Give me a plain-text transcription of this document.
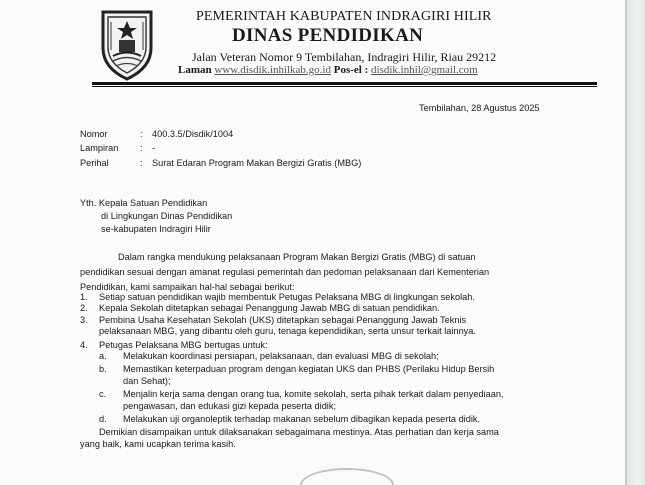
PEMERINTAH KABUPATEN INDRAGIRI HILIR
DINAS PENDIDIKAN
Jalan Veteran Nomor 9 Tembilahan, Indragiri Hilir, Riau 29212
Laman www.disdik.inhilkab.go.id Pos-el : disdik.inhil@gmail.com
Tembilahan, 28 Agustus 2025
Nomor	: 400.3.5/Disdik/1004
Lampiran	: -
Perihal	: Surat Edaran Program Makan Bergizi Gratis (MBG)
Yth. Kepala Satuan Pendidikan
di Lingkungan Dinas Pendidikan
se-kabupaten Indragiri Hilir
Dalam rangka mendukung pelaksanaan Program Makan Bergizi Gratis (MBG) di satuan
pendidikan sesuai dengan amanat regulasi pemerintah dan pedoman pelaksanaan dari Kementerian
Pendidikan, kami sampaikan hal-hal sebagai berikut:
1. Setiap satuan pendidikan wajib membentuk Petugas Pelaksana MBG di lingkungan sekolah.
2. Kepala Sekolah ditetapkan sebagai Penanggung Jawab MBG di satuan pendidikan.
3. Pembina Usaha Kesehatan Sekolah (UKS) ditetapkan sebagai Penanggung Jawab Teknis
pelaksanaan MBG, yang dibantu oleh guru, tenaga kependidikan, serta unsur terkait lainnya.
4. Petugas Pelaksana MBG bertugas untuk:
a. Melakukan koordinasi persiapan, pelaksanaan, dan evaluasi MBG di sekolah;
b. Memastikan keterpaduan program dengan kegiatan UKS dan PHBS (Perilaku Hidup Bersih
dan Sehat);
c. Menjalin kerja sama dengan orang tua, komite sekolah, serta pihak terkait dalam penyediaan,
pengawasan, dan edukasi gizi kepada peserta didik;
d. Melakukan uji organoleptik terhadap makanan sebelum dibagikan kepada peserta didik.
Demikian disampaikan untuk dilaksanakan sebagaimana mestinya. Atas perhatian dan kerja sama
yang baik, kami ucapkan terima kasih.
